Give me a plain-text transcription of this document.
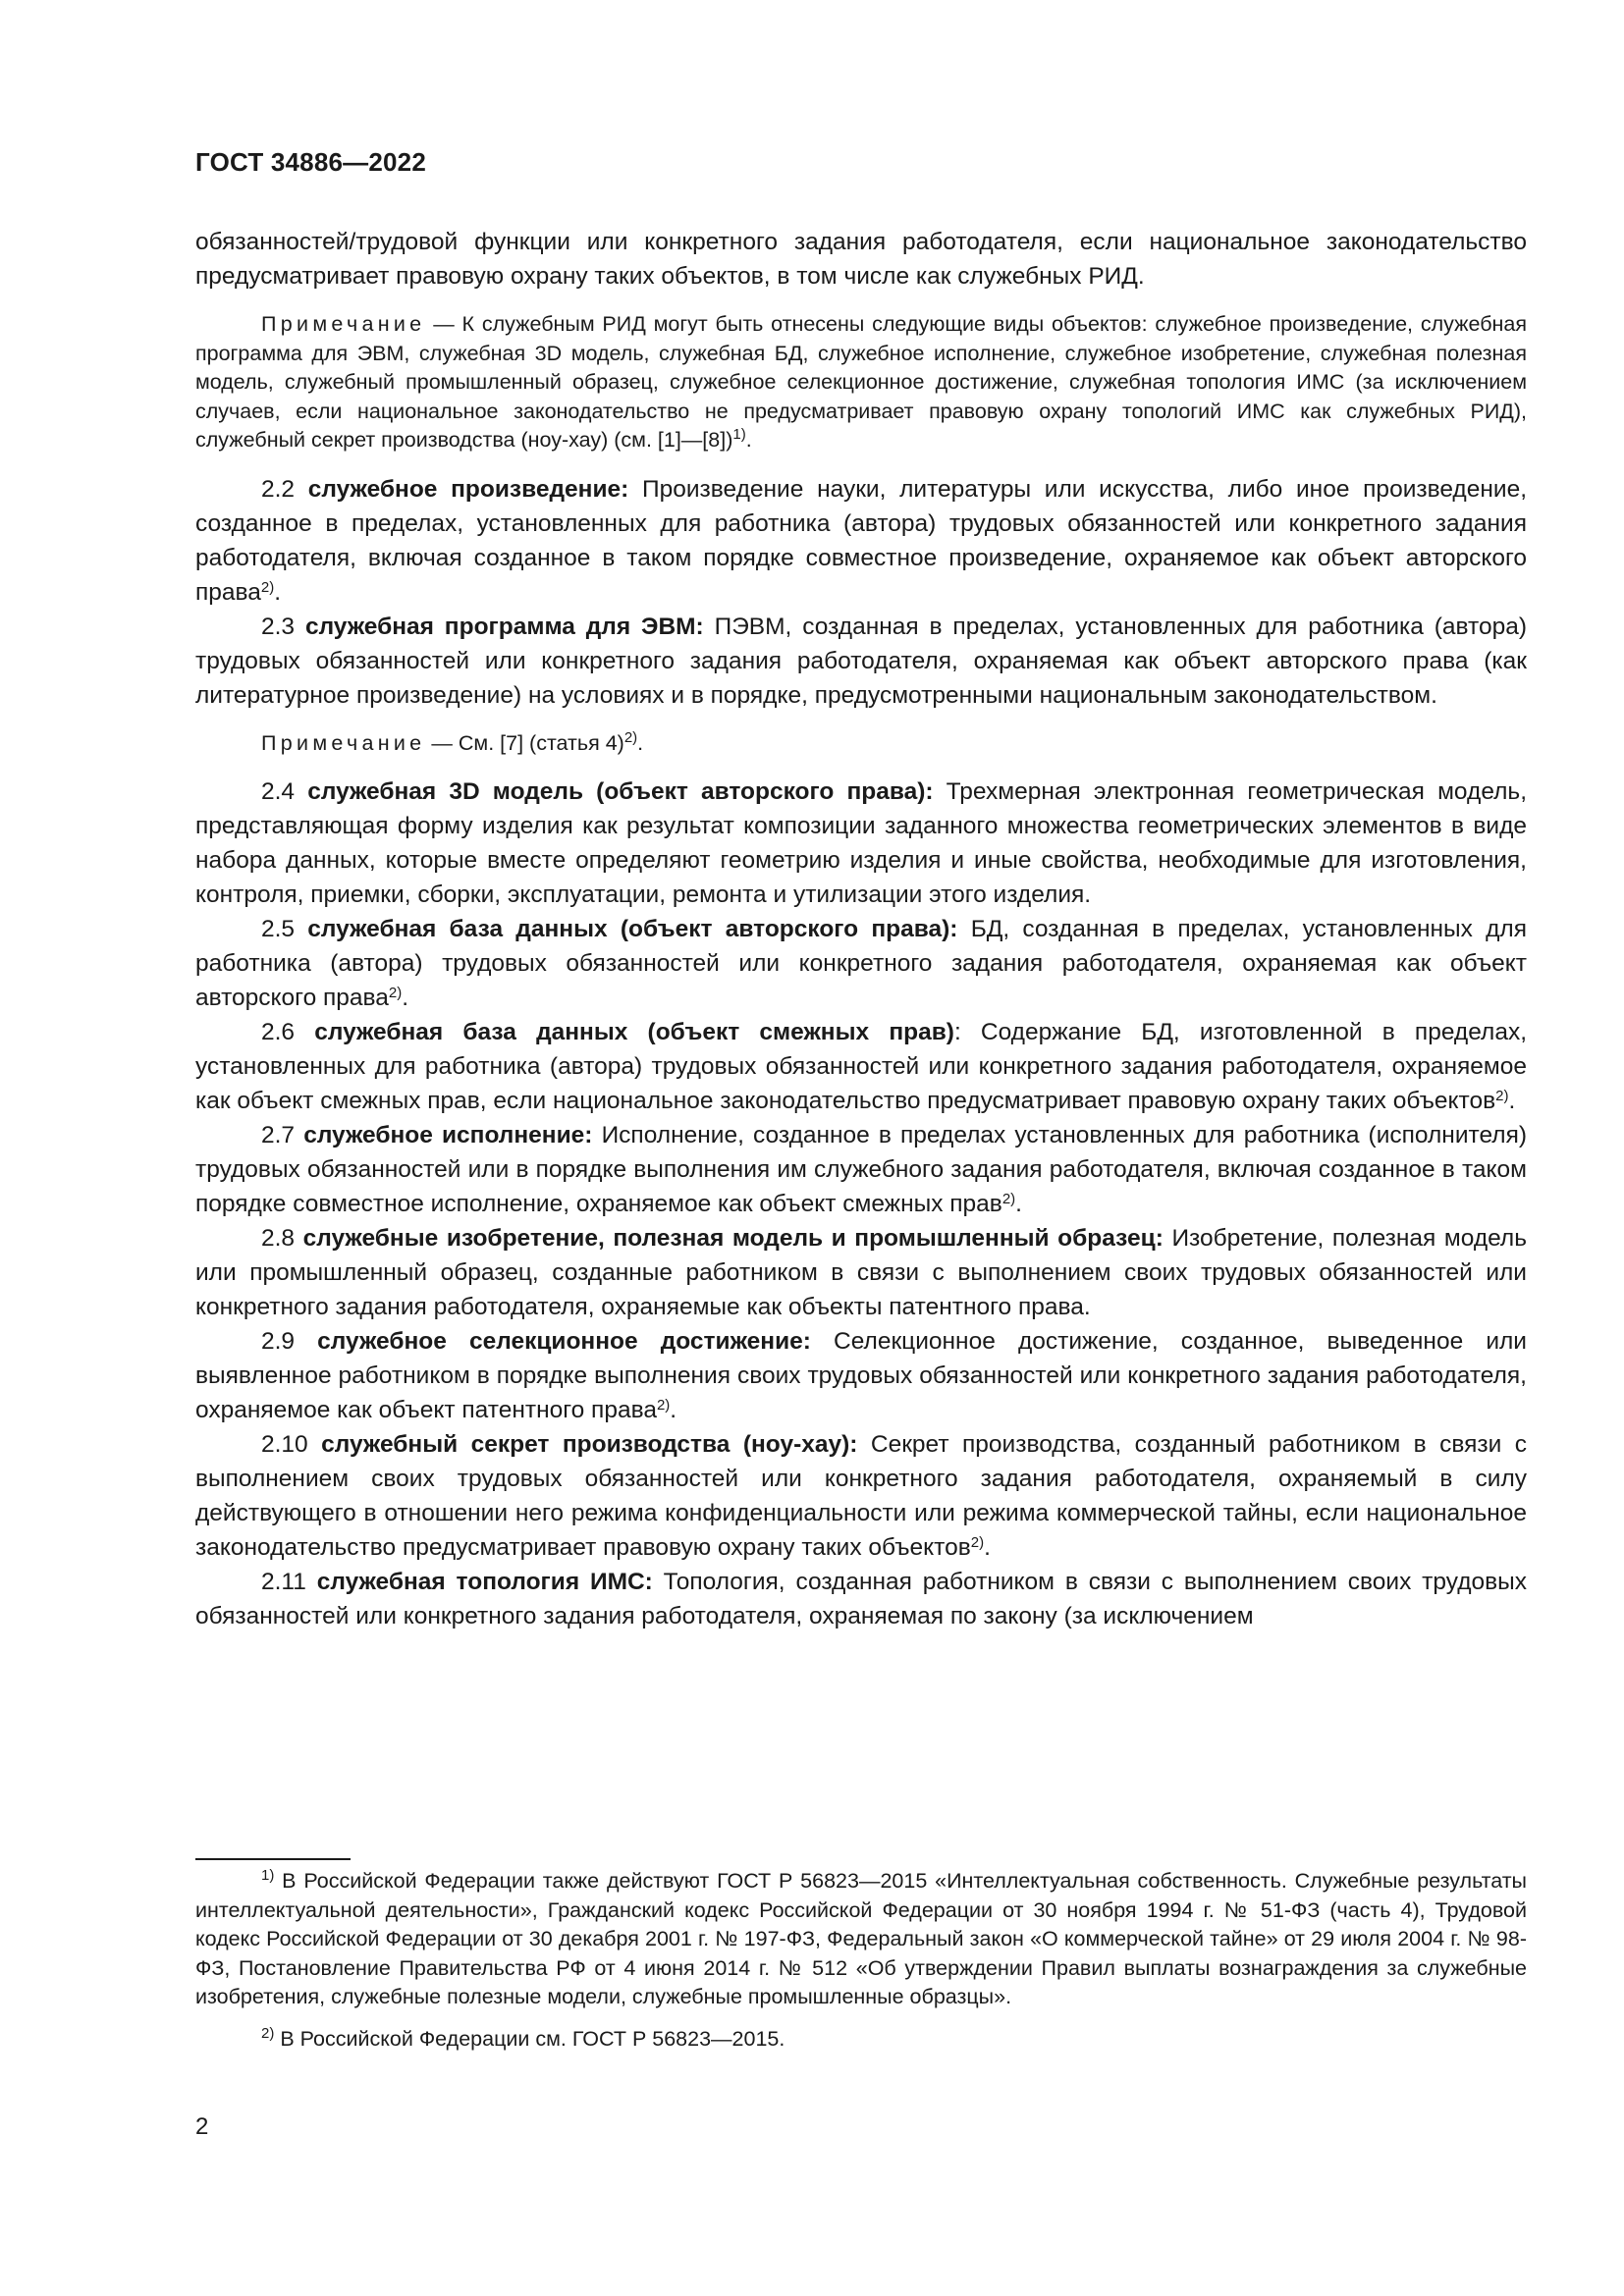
ГОСТ 34886—2022

обязанностей/трудовой функции или конкретного задания работодателя, если национальное законодательство предусматривает правовую охрану таких объектов, в том числе как служебных РИД.

Примечание — К служебным РИД могут быть отнесены следующие виды объектов: служебное произведение, служебная программа для ЭВМ, служебная 3D модель, служебная БД, служебное исполнение, служебное изобретение, служебная полезная модель, служебный промышленный образец, служебное селекционное достижение, служебная топология ИМС (за исключением случаев, если национальное законодательство не предусматривает правовую охрану топологий ИМС как служебных РИД), служебный секрет производства (ноу-хау) (см. [1]—[8])$^{1)}$.

2.2 служебное произведение: Произведение науки, литературы или искусства, либо иное произведение, созданное в пределах, установленных для работника (автора) трудовых обязанностей или конкретного задания работодателя, включая созданное в таком порядке совместное произведение, охраняемое как объект авторского права$^{2)}$.

2.3 служебная программа для ЭВМ: ПЭВМ, созданная в пределах, установленных для работника (автора) трудовых обязанностей или конкретного задания работодателя, охраняемая как объект авторского права (как литературное произведение) на условиях и в порядке, предусмотренными национальным законодательством.

Примечание — См. [7] (статья 4)$^{2)}$.

2.4 служебная 3D модель (объект авторского права): Трехмерная электронная геометрическая модель, представляющая форму изделия как результат композиции заданного множества геометрических элементов в виде набора данных, которые вместе определяют геометрию изделия и иные свойства, необходимые для изготовления, контроля, приемки, сборки, эксплуатации, ремонта и утилизации этого изделия.

2.5 служебная база данных (объект авторского права): БД, созданная в пределах, установленных для работника (автора) трудовых обязанностей или конкретного задания работодателя, охраняемая как объект авторского права$^{2)}$.

2.6 служебная база данных (объект смежных прав): Содержание БД, изготовленной в пределах, установленных для работника (автора) трудовых обязанностей или конкретного задания работодателя, охраняемое как объект смежных прав, если национальное законодательство предусматривает правовую охрану таких объектов$^{2)}$.

2.7 служебное исполнение: Исполнение, созданное в пределах установленных для работника (исполнителя) трудовых обязанностей или в порядке выполнения им служебного задания работодателя, включая созданное в таком порядке совместное исполнение, охраняемое как объект смежных прав$^{2)}$.

2.8 служебные изобретение, полезная модель и промышленный образец: Изобретение, полезная модель или промышленный образец, созданные работником в связи с выполнением своих трудовых обязанностей или конкретного задания работодателя, охраняемые как объекты патентного права.

2.9 служебное селекционное достижение: Селекционное достижение, созданное, выведенное или выявленное работником в порядке выполнения своих трудовых обязанностей или конкретного задания работодателя, охраняемое как объект патентного права$^{2)}$.

2.10 служебный секрет производства (ноу-хау): Секрет производства, созданный работником в связи с выполнением своих трудовых обязанностей или конкретного задания работодателя, охраняемый в силу действующего в отношении него режима конфиденциальности или режима коммерческой тайны, если национальное законодательство предусматривает правовую охрану таких объектов$^{2)}$.

2.11 служебная топология ИМС: Топология, созданная работником в связи с выполнением своих трудовых обязанностей или конкретного задания работодателя, охраняемая по закону (за исключением

$^{1)}$ В Российской Федерации также действуют ГОСТ Р 56823—2015 «Интеллектуальная собственность. Служебные результаты интеллектуальной деятельности», Гражданский кодекс Российской Федерации от 30 ноября 1994 г. № 51-ФЗ (часть 4), Трудовой кодекс Российской Федерации от 30 декабря 2001 г. № 197-ФЗ, Федеральный закон «О коммерческой тайне» от 29 июля 2004 г. № 98-ФЗ, Постановление Правительства РФ от 4 июня 2014 г. № 512 «Об утверждении Правил выплаты вознаграждения за служебные изобретения, служебные полезные модели, служебные промышленные образцы».

$^{2)}$ В Российской Федерации см. ГОСТ Р 56823—2015.

2
